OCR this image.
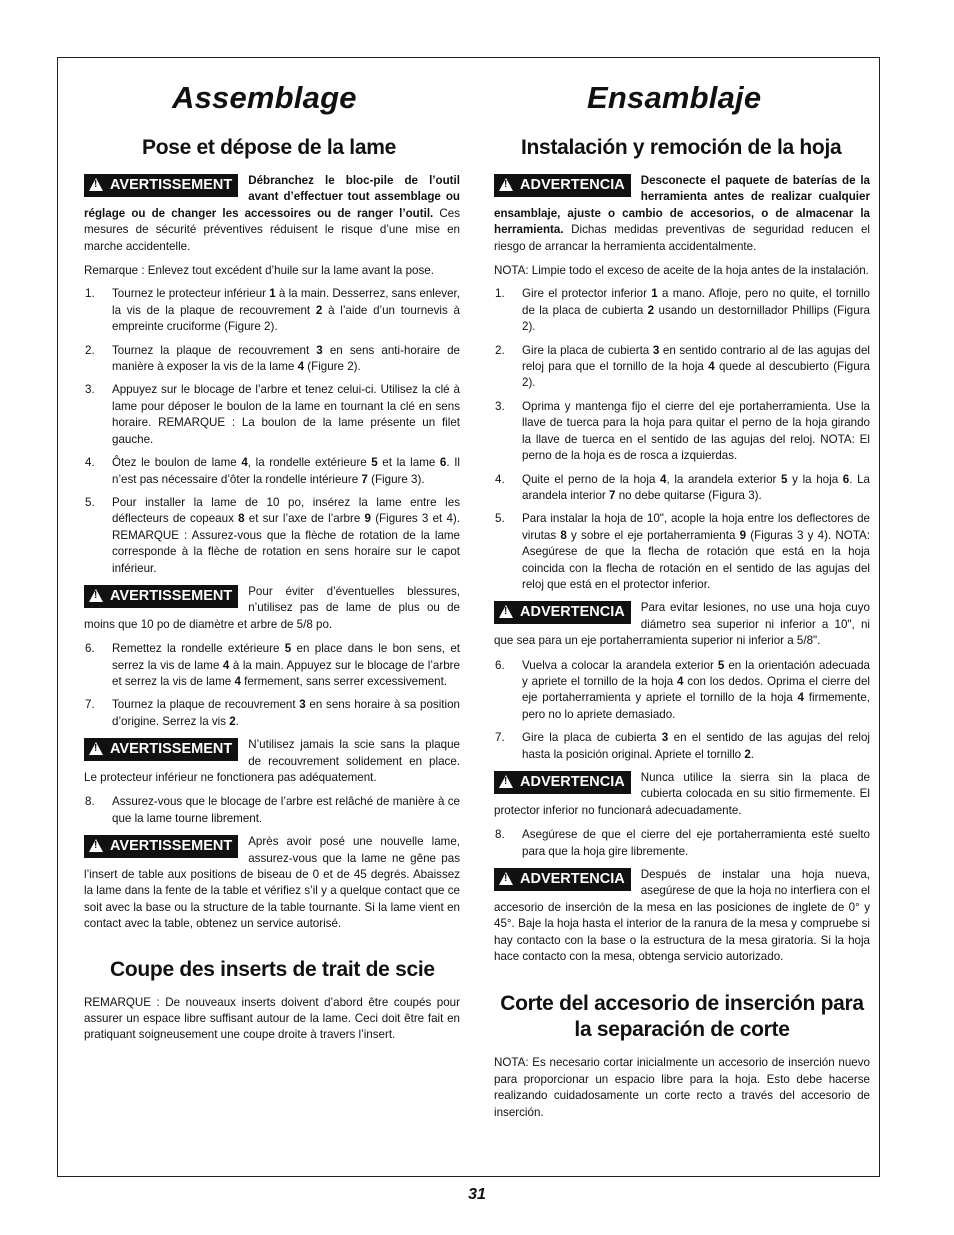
Assemblage
Pose et dépose de la lame
!AVERTISSEMENT	Débranchez le bloc-pile de l’outil avant d’effectuer tout assemblage ou réglage ou de changer les accessoires ou de ranger l’outil. Ces mesures de sécurité préventives réduisent le risque d’une mise en marche accidentelle.

Remarque : Enlevez tout excédent d’huile sur la lame avant la pose.

1. Tournez le protecteur inférieur 1 à la main. Desserrez, sans enlever, la vis de la plaque de recouvrement 2 à l’aide d’un tournevis à empreinte cruciforme (Figure 2).
2. Tournez la plaque de recouvrement 3 en sens anti-horaire de manière à exposer la vis de la lame 4 (Figure 2).
3. Appuyez sur le blocage de l’arbre et tenez celui-ci. Utilisez la clé à lame pour déposer le boulon de la lame en tournant la clé en sens horaire. REMARQUE : La boulon de la lame présente un filet gauche.
4. Ôtez le boulon de lame 4, la rondelle extérieure 5 et la lame 6. Il n’est pas nécessaire d’ôter la rondelle intérieure 7 (Figure 3).
5. Pour installer la lame de 10 po, insérez la lame entre les déflecteurs de copeaux 8 et sur l’axe de l’arbre 9 (Figures 3 et 4). REMARQUE : Assurez-vous que la flèche de rotation de la lame corresponde à la flèche de rotation en sens horaire sur le capot inférieur.
!AVERTISSEMENT	Pour éviter d’éventuelles blessures, n’utilisez pas de lame de plus ou de moins que 10 po de diamètre et arbre de 5/8 po.
6. Remettez la rondelle extérieure 5 en place dans le bon sens, et serrez la vis de lame 4 à la main. Appuyez sur le blocage de l’arbre et serrez la vis de lame 4 fermement, sans serrer excessivement.
7. Tournez la plaque de recouvrement 3 en sens horaire à sa position d’origine. Serrez la vis 2.
!AVERTISSEMENT	N’utilisez jamais la scie sans la plaque de recouvrement solidement en place. Le protecteur inférieur ne fonctionera pas adéquatement.
8. Assurez-vous que le blocage de l’arbre est relâché de manière à ce que la lame tourne librement.
!AVERTISSEMENT	Après avoir posé une nouvelle lame, assurez-vous que la lame ne gêne pas l’insert de table aux positions de biseau de 0 et de 45 degrés. Abaissez la lame dans la fente de la table et vérifiez s’il y a quelque contact que ce soit avec la base ou la structure de la table tournante. Si la lame vient en contact avec la table, obtenez un service autorisé.
Coupe des inserts de trait de scie

REMARQUE : De nouveaux inserts doivent d’abord être coupés pour assurer un espace libre suffisant autour de la lame. Ceci doit être fait en pratiquant soigneusement une coupe droite à travers l’insert.

Ensamblaje
Instalación y remoción de la hoja
!ADVERTENCIA	Desconecte el paquete de baterías de la herramienta antes de realizar cualquier ensamblaje, ajuste o cambio de accesorios, o de almacenar la herramienta. Dichas medidas preventivas de seguridad reducen el riesgo de arrancar la herramienta accidentalmente.

NOTA: Limpie todo el exceso de aceite de la hoja antes de la instalación.

1. Gire el protector inferior 1 a mano. Afloje, pero no quite, el tornillo de la placa de cubierta 2 usando un destornillador Phillips (Figura 2).
2. Gire la placa de cubierta 3 en sentido contrario al de las agujas del reloj para que el tornillo de la hoja 4 quede al descubierto (Figura 2).
3. Oprima y mantenga fijo el cierre del eje portaherramienta. Use la llave de tuerca para la hoja para quitar el perno de la hoja girando la llave de tuerca en el sentido de las agujas del reloj. NOTA: El perno de la hoja es de rosca a izquierdas.
4. Quite el perno de la hoja 4, la arandela exterior 5 y la hoja 6. La arandela interior 7 no debe quitarse (Figura 3).
5. Para instalar la hoja de 10", acople la hoja entre los deflectores de virutas 8 y sobre el eje portaherramienta 9 (Figuras 3 y 4). NOTA: Asegúrese de que la flecha de rotación que está en la hoja coincida con la flecha de rotación en el sentido de las agujas del reloj que está en el protector inferior.
!ADVERTENCIA	Para evitar lesiones, no use una hoja cuyo diámetro sea superior ni inferior a 10", ni que sea para un eje portaherramienta superior ni inferior a 5/8".
6. Vuelva a colocar la arandela exterior 5 en la orientación adecuada y apriete el tornillo de la hoja 4 con los dedos. Oprima el cierre del eje portaherramienta y apriete el tornillo de la hoja 4 firmemente, pero no lo apriete demasiado.
7. Gire la placa de cubierta 3 en el sentido de las agujas del reloj hasta la posición original. Apriete el tornillo 2.
!ADVERTENCIA	Nunca utilice la sierra sin la placa de cubierta colocada en su sitio firmemente. El protector inferior no funcionará adecuadamente.
8. Asegúrese de que el cierre del eje portaherramienta esté suelto para que la hoja gire libremente.
!ADVERTENCIA	Después de instalar una hoja nueva, asegúrese de que la hoja no interfiera con el accesorio de inserción de la mesa en las posiciones de inglete de 0° y 45°. Baje la hoja hasta el interior de la ranura de la mesa y compruebe si hay contacto con la base o la estructura de la mesa giratoria. Si la hoja hace contacto con la mesa, obtenga servicio autorizado.
Corte del accesorio de inserción para la separación de corte

NOTA: Es necesario cortar inicialmente un accesorio de inserción nuevo para proporcionar un espacio libre para la hoja. Esto debe hacerse realizando cuidadosamente un corte recto a través del accesorio de inserción.

31
